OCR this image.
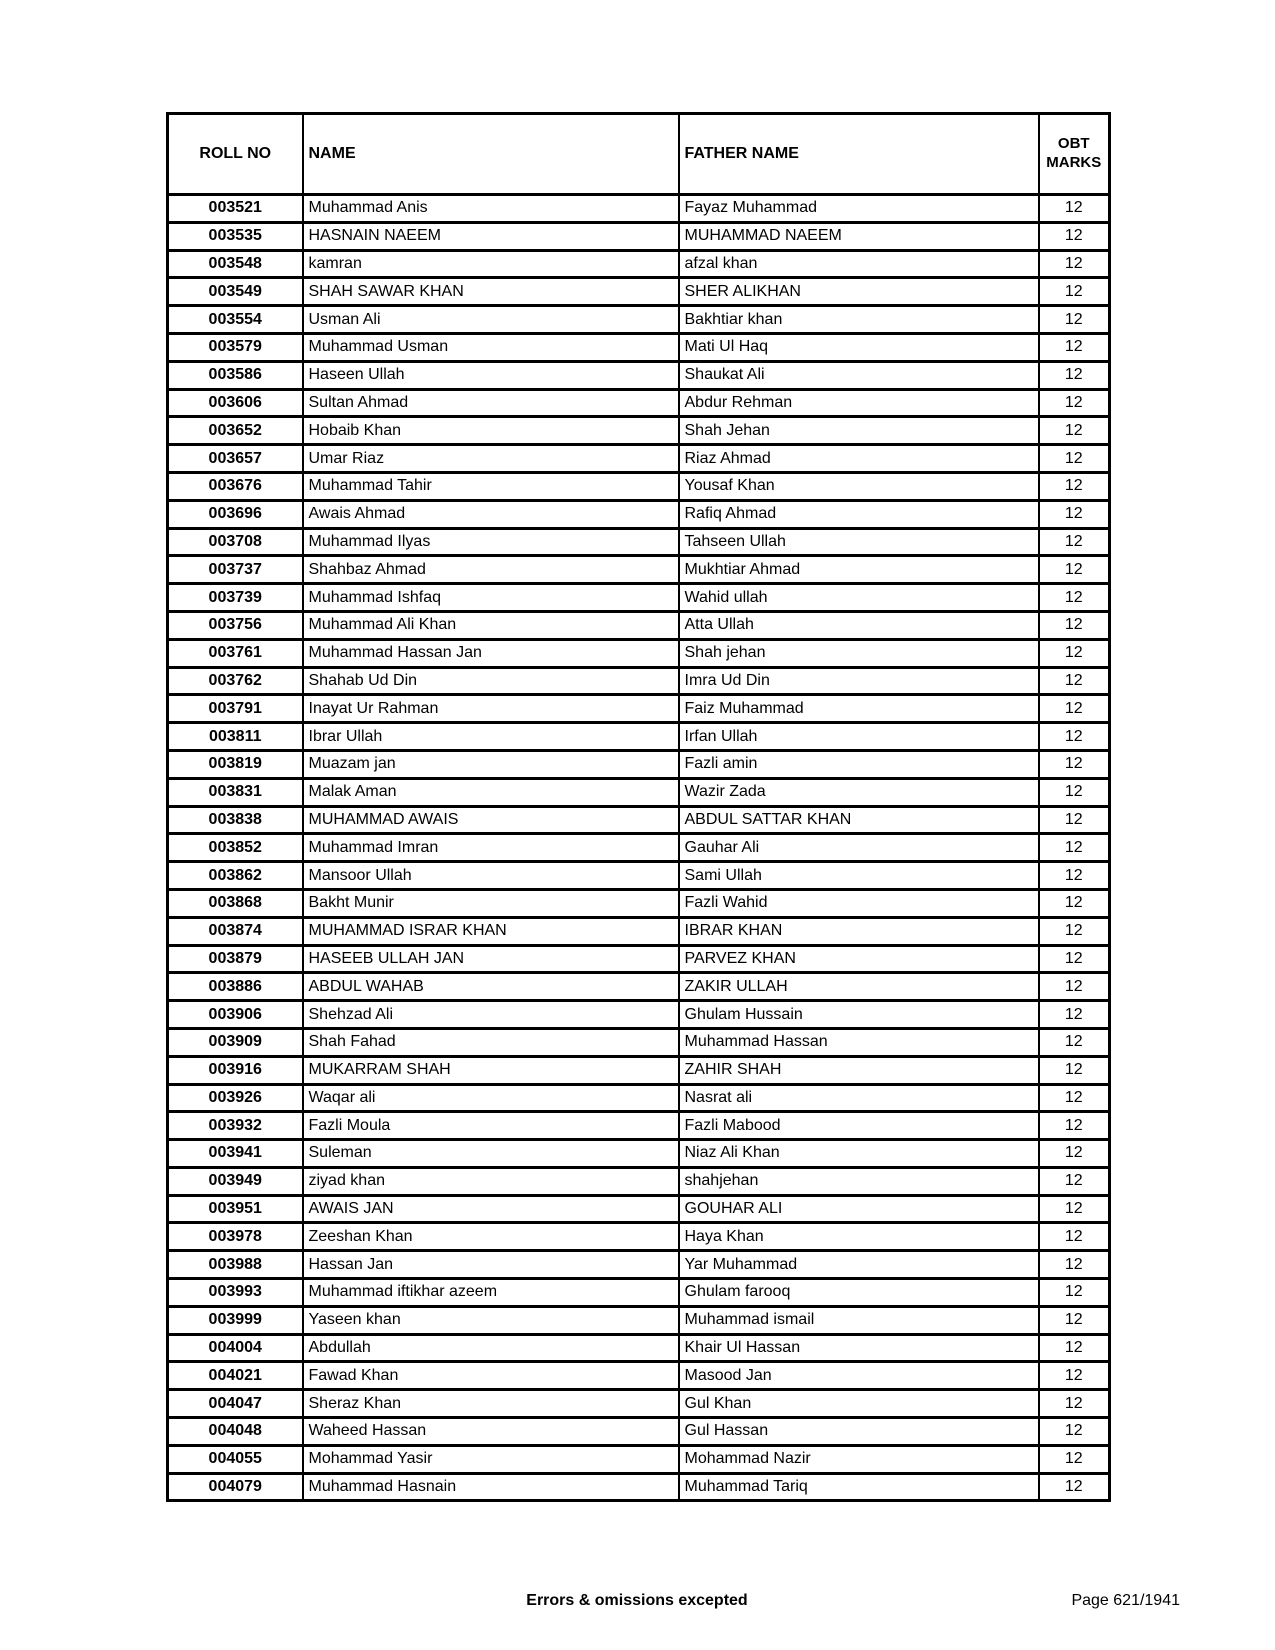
ROLL NO	NAME	FATHER NAME	OBT MARKS
003521	Muhammad Anis	Fayaz Muhammad	12
003535	HASNAIN NAEEM	MUHAMMAD NAEEM	12
003548	kamran	afzal khan	12
003549	SHAH SAWAR KHAN	SHER ALIKHAN	12
003554	Usman Ali	Bakhtiar khan	12
003579	Muhammad Usman	Mati Ul Haq	12
003586	Haseen Ullah	Shaukat Ali	12
003606	Sultan Ahmad	Abdur Rehman	12
003652	Hobaib Khan	Shah Jehan	12
003657	Umar Riaz	Riaz Ahmad	12
003676	Muhammad Tahir	Yousaf Khan	12
003696	Awais Ahmad	Rafiq Ahmad	12
003708	Muhammad Ilyas	Tahseen Ullah	12
003737	Shahbaz Ahmad	Mukhtiar Ahmad	12
003739	Muhammad Ishfaq	Wahid ullah	12
003756	Muhammad Ali Khan	Atta Ullah	12
003761	Muhammad Hassan Jan	Shah jehan	12
003762	Shahab Ud Din	Imra Ud Din	12
003791	Inayat Ur Rahman	Faiz Muhammad	12
003811	Ibrar Ullah	Irfan Ullah	12
003819	Muazam jan	Fazli amin	12
003831	Malak Aman	Wazir Zada	12
003838	MUHAMMAD AWAIS	ABDUL SATTAR KHAN	12
003852	Muhammad Imran	Gauhar Ali	12
003862	Mansoor Ullah	Sami Ullah	12
003868	Bakht Munir	Fazli Wahid	12
003874	MUHAMMAD ISRAR KHAN	IBRAR KHAN	12
003879	HASEEB ULLAH JAN	PARVEZ KHAN	12
003886	ABDUL WAHAB	ZAKIR ULLAH	12
003906	Shehzad Ali	Ghulam Hussain	12
003909	Shah Fahad	Muhammad Hassan	12
003916	MUKARRAM SHAH	ZAHIR SHAH	12
003926	Waqar ali	Nasrat ali	12
003932	Fazli Moula	Fazli Mabood	12
003941	Suleman	Niaz Ali Khan	12
003949	ziyad khan	shahjehan	12
003951	AWAIS JAN	GOUHAR ALI	12
003978	Zeeshan Khan	Haya Khan	12
003988	Hassan Jan	Yar Muhammad	12
003993	Muhammad iftikhar azeem	Ghulam farooq	12
003999	Yaseen khan	Muhammad ismail	12
004004	Abdullah	Khair Ul Hassan	12
004021	Fawad Khan	Masood Jan	12
004047	Sheraz Khan	Gul Khan	12
004048	Waheed Hassan	Gul Hassan	12
004055	Mohammad Yasir	Mohammad Nazir	12
004079	Muhammad Hasnain	Muhammad Tariq	12
Errors & omissions excepted	Page 621/1941
